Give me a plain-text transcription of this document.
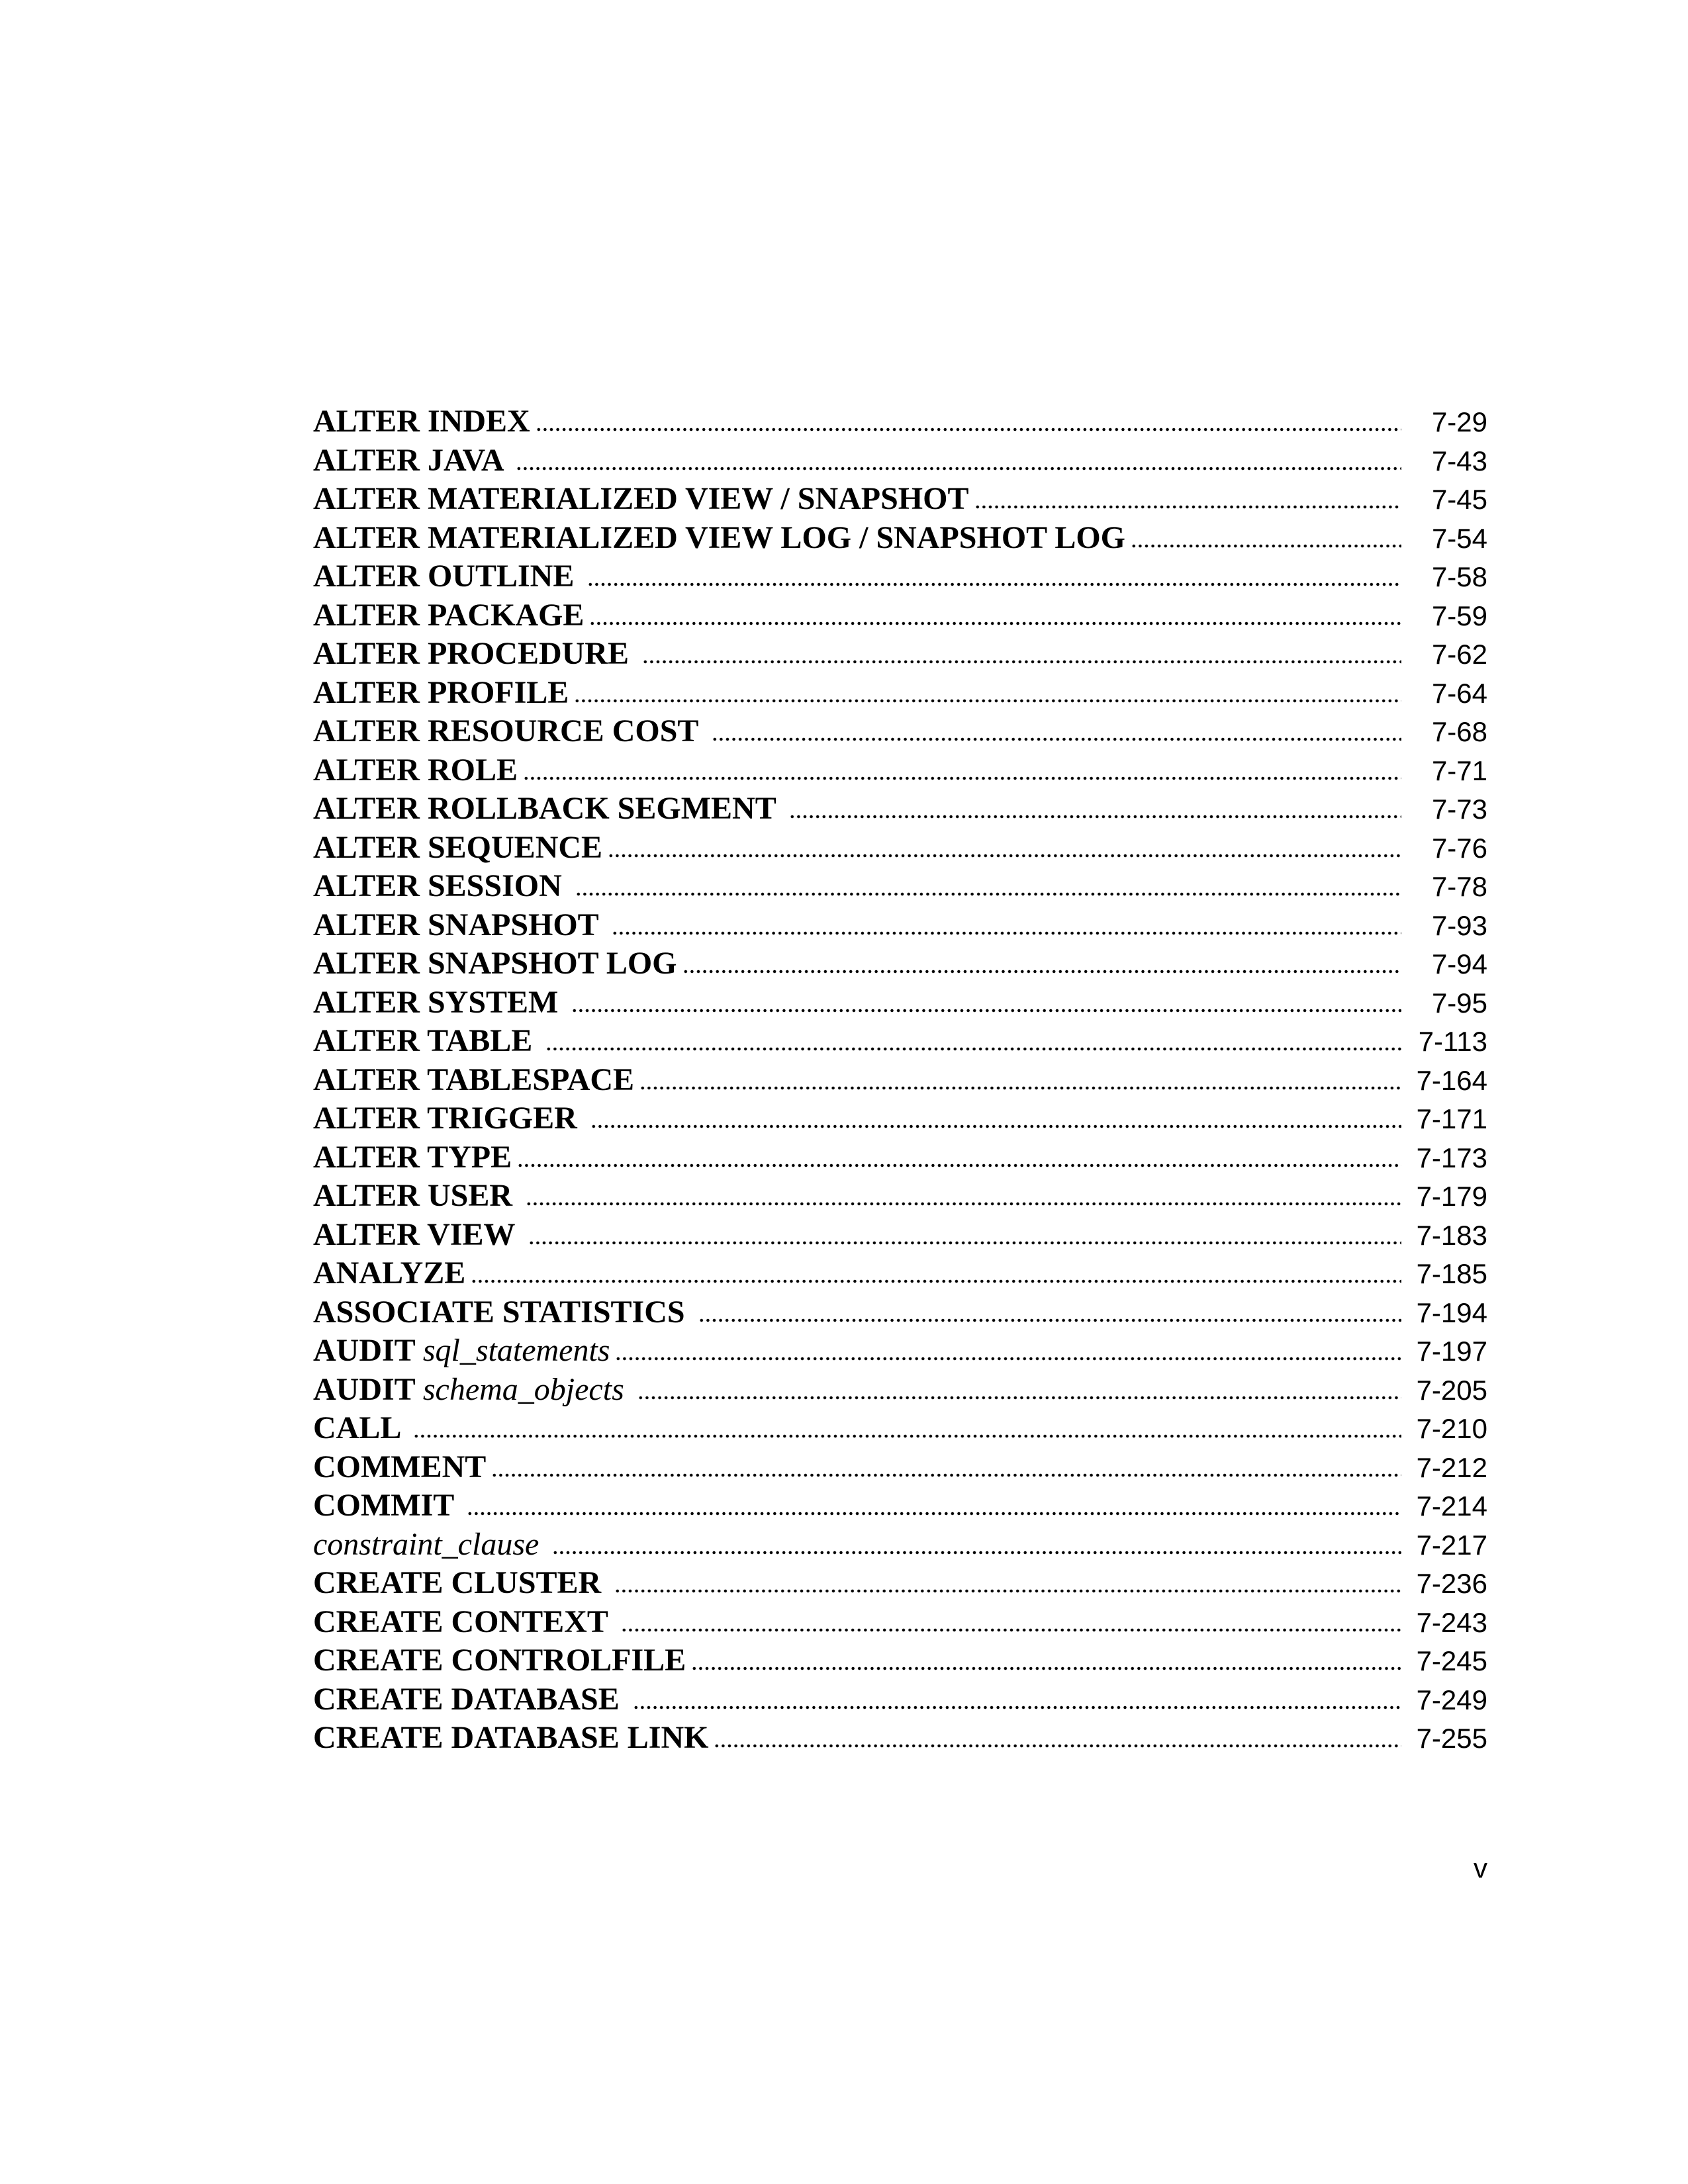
ALTER INDEX	7-29
ALTER JAVA	7-43
ALTER MATERIALIZED VIEW / SNAPSHOT	7-45
ALTER MATERIALIZED VIEW LOG / SNAPSHOT LOG	7-54
ALTER OUTLINE	7-58
ALTER PACKAGE	7-59
ALTER PROCEDURE	7-62
ALTER PROFILE	7-64
ALTER RESOURCE COST	7-68
ALTER ROLE	7-71
ALTER ROLLBACK SEGMENT	7-73
ALTER SEQUENCE	7-76
ALTER SESSION	7-78
ALTER SNAPSHOT	7-93
ALTER SNAPSHOT LOG	7-94
ALTER SYSTEM	7-95
ALTER TABLE	7-113
ALTER TABLESPACE	7-164
ALTER TRIGGER	7-171
ALTER TYPE	7-173
ALTER USER	7-179
ALTER VIEW	7-183
ANALYZE	7-185
ASSOCIATE STATISTICS	7-194
AUDIT sql_statements	7-197
AUDIT schema_objects	7-205
CALL	7-210
COMMENT	7-212
COMMIT	7-214
constraint_clause	7-217
CREATE CLUSTER	7-236
CREATE CONTEXT	7-243
CREATE CONTROLFILE	7-245
CREATE DATABASE	7-249
CREATE DATABASE LINK	7-255
v
